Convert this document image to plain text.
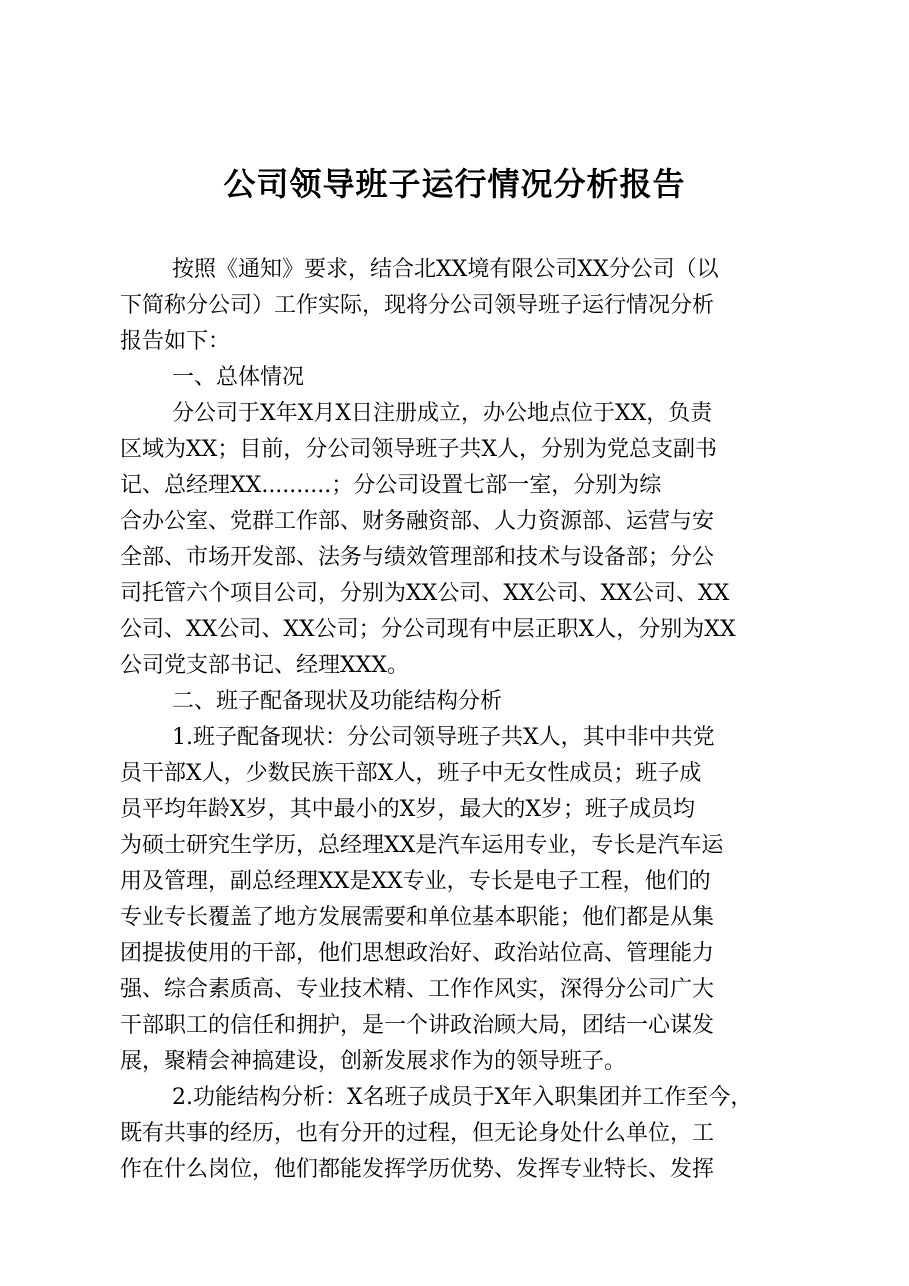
公司领导班子运行情况分析报告
按照《通知》要求，结合北XX境有限公司XX分公司（以
下简称分公司）工作实际，现将分公司领导班子运行情况分析
报告如下：
一、总体情况
分公司于X年X月X日注册成立，办公地点位于XX，负责
区域为XX；目前，分公司领导班子共X人，分别为党总支副书
记、总经理XX..........；分公司设置七部一室，分别为综
合办公室、党群工作部、财务融资部、人力资源部、运营与安
全部、市场开发部、法务与绩效管理部和技术与设备部；分公
司托管六个项目公司，分别为XX公司、XX公司、XX公司、XX
公司、XX公司、XX公司；分公司现有中层正职X人，分别为XX
公司党支部书记、经理XXX。
二、班子配备现状及功能结构分析
1.班子配备现状：分公司领导班子共X人，其中非中共党
员干部X人，少数民族干部X人，班子中无女性成员；班子成
员平均年龄X岁，其中最小的X岁，最大的X岁；班子成员均
为硕士研究生学历，总经理XX是汽车运用专业，专长是汽车运
用及管理，副总经理XX是XX专业，专长是电子工程，他们的
专业专长覆盖了地方发展需要和单位基本职能；他们都是从集
团提拔使用的干部，他们思想政治好、政治站位高、管理能力
强、综合素质高、专业技术精、工作作风实，深得分公司广大
干部职工的信任和拥护，是一个讲政治顾大局，团结一心谋发
展，聚精会神搞建设，创新发展求作为的领导班子。
2.功能结构分析：X名班子成员于X年入职集团并工作至今，
既有共事的经历，也有分开的过程，但无论身处什么单位，工
作在什么岗位，他们都能发挥学历优势、发挥专业特长、发挥
